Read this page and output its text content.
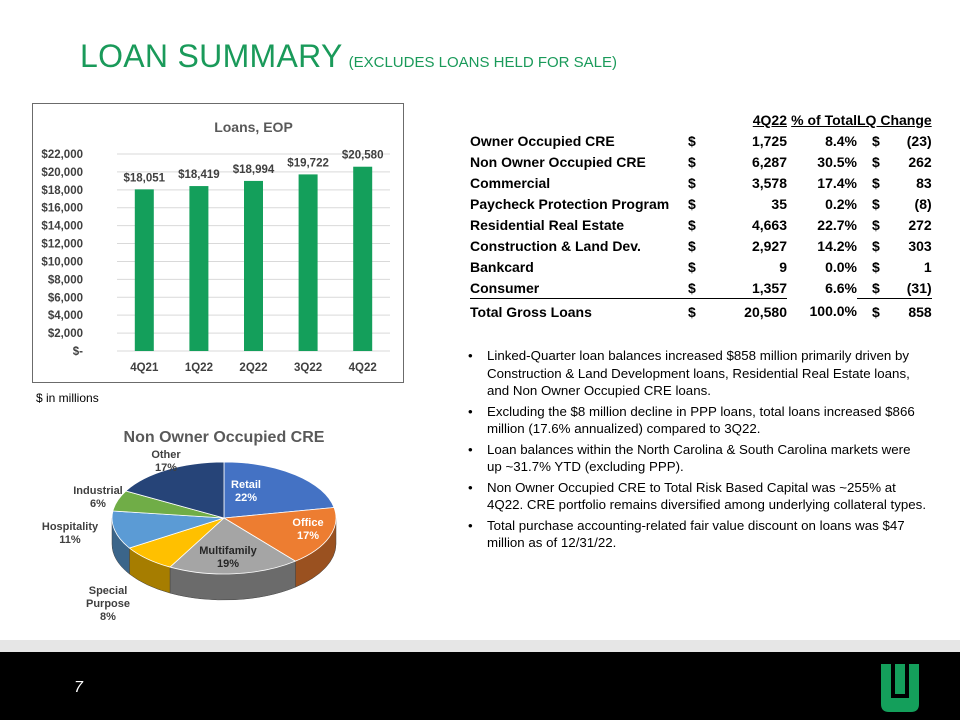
LOAN SUMMARY (EXCLUDES LOANS HELD FOR SALE)
Loans, EOP
$-
$2,000
$4,000
$6,000
$8,000
$10,000
$12,000
$14,000
$16,000
$18,000
$20,000
$22,000
$18,051
4Q21
$18,419
1Q22
$18,994
2Q22
$19,722
3Q22
$20,580
4Q22
$ in millions
		4Q22	% of Total	LQ Change	
Owner Occupied CRE	$	1,725	8.4%	$	(23)
Non Owner Occupied CRE	$	6,287	30.5%	$	262
Commercial	$	3,578	17.4%	$	83
Paycheck Protection Program	$	35	0.2%	$	(8)
Residential Real Estate	$	4,663	22.7%	$	272
Construction & Land Dev.	$	2,927	14.2%	$	303
Bankcard	$	9	0.0%	$	1
Consumer	$	1,357	6.6%	$	(31)
Total Gross Loans	$	20,580	100.0%	$	858
• Linked-Quarter loan balances increased $858 million primarily driven by Construction & Land Development loans, Residential Real Estate loans, and Non Owner Occupied CRE loans.
• Excluding the $8 million decline in PPP loans, total loans increased $866 million (17.6% annualized) compared to 3Q22.
• Loan balances within the North Carolina & South Carolina markets were up ~31.7% YTD (excluding PPP).
• Non Owner Occupied CRE to Total Risk Based Capital was ~255% at 4Q22. CRE portfolio remains diversified among underlying collateral types.
• Total purchase accounting-related fair value discount on loans was $47 million as of 12/31/22.
Non Owner Occupied CRE
Retail
22%
Office
17%
Multifamily
19%
Special
Purpose
8%
Hospitality
11%
Industrial
6%
Other
17%
7
